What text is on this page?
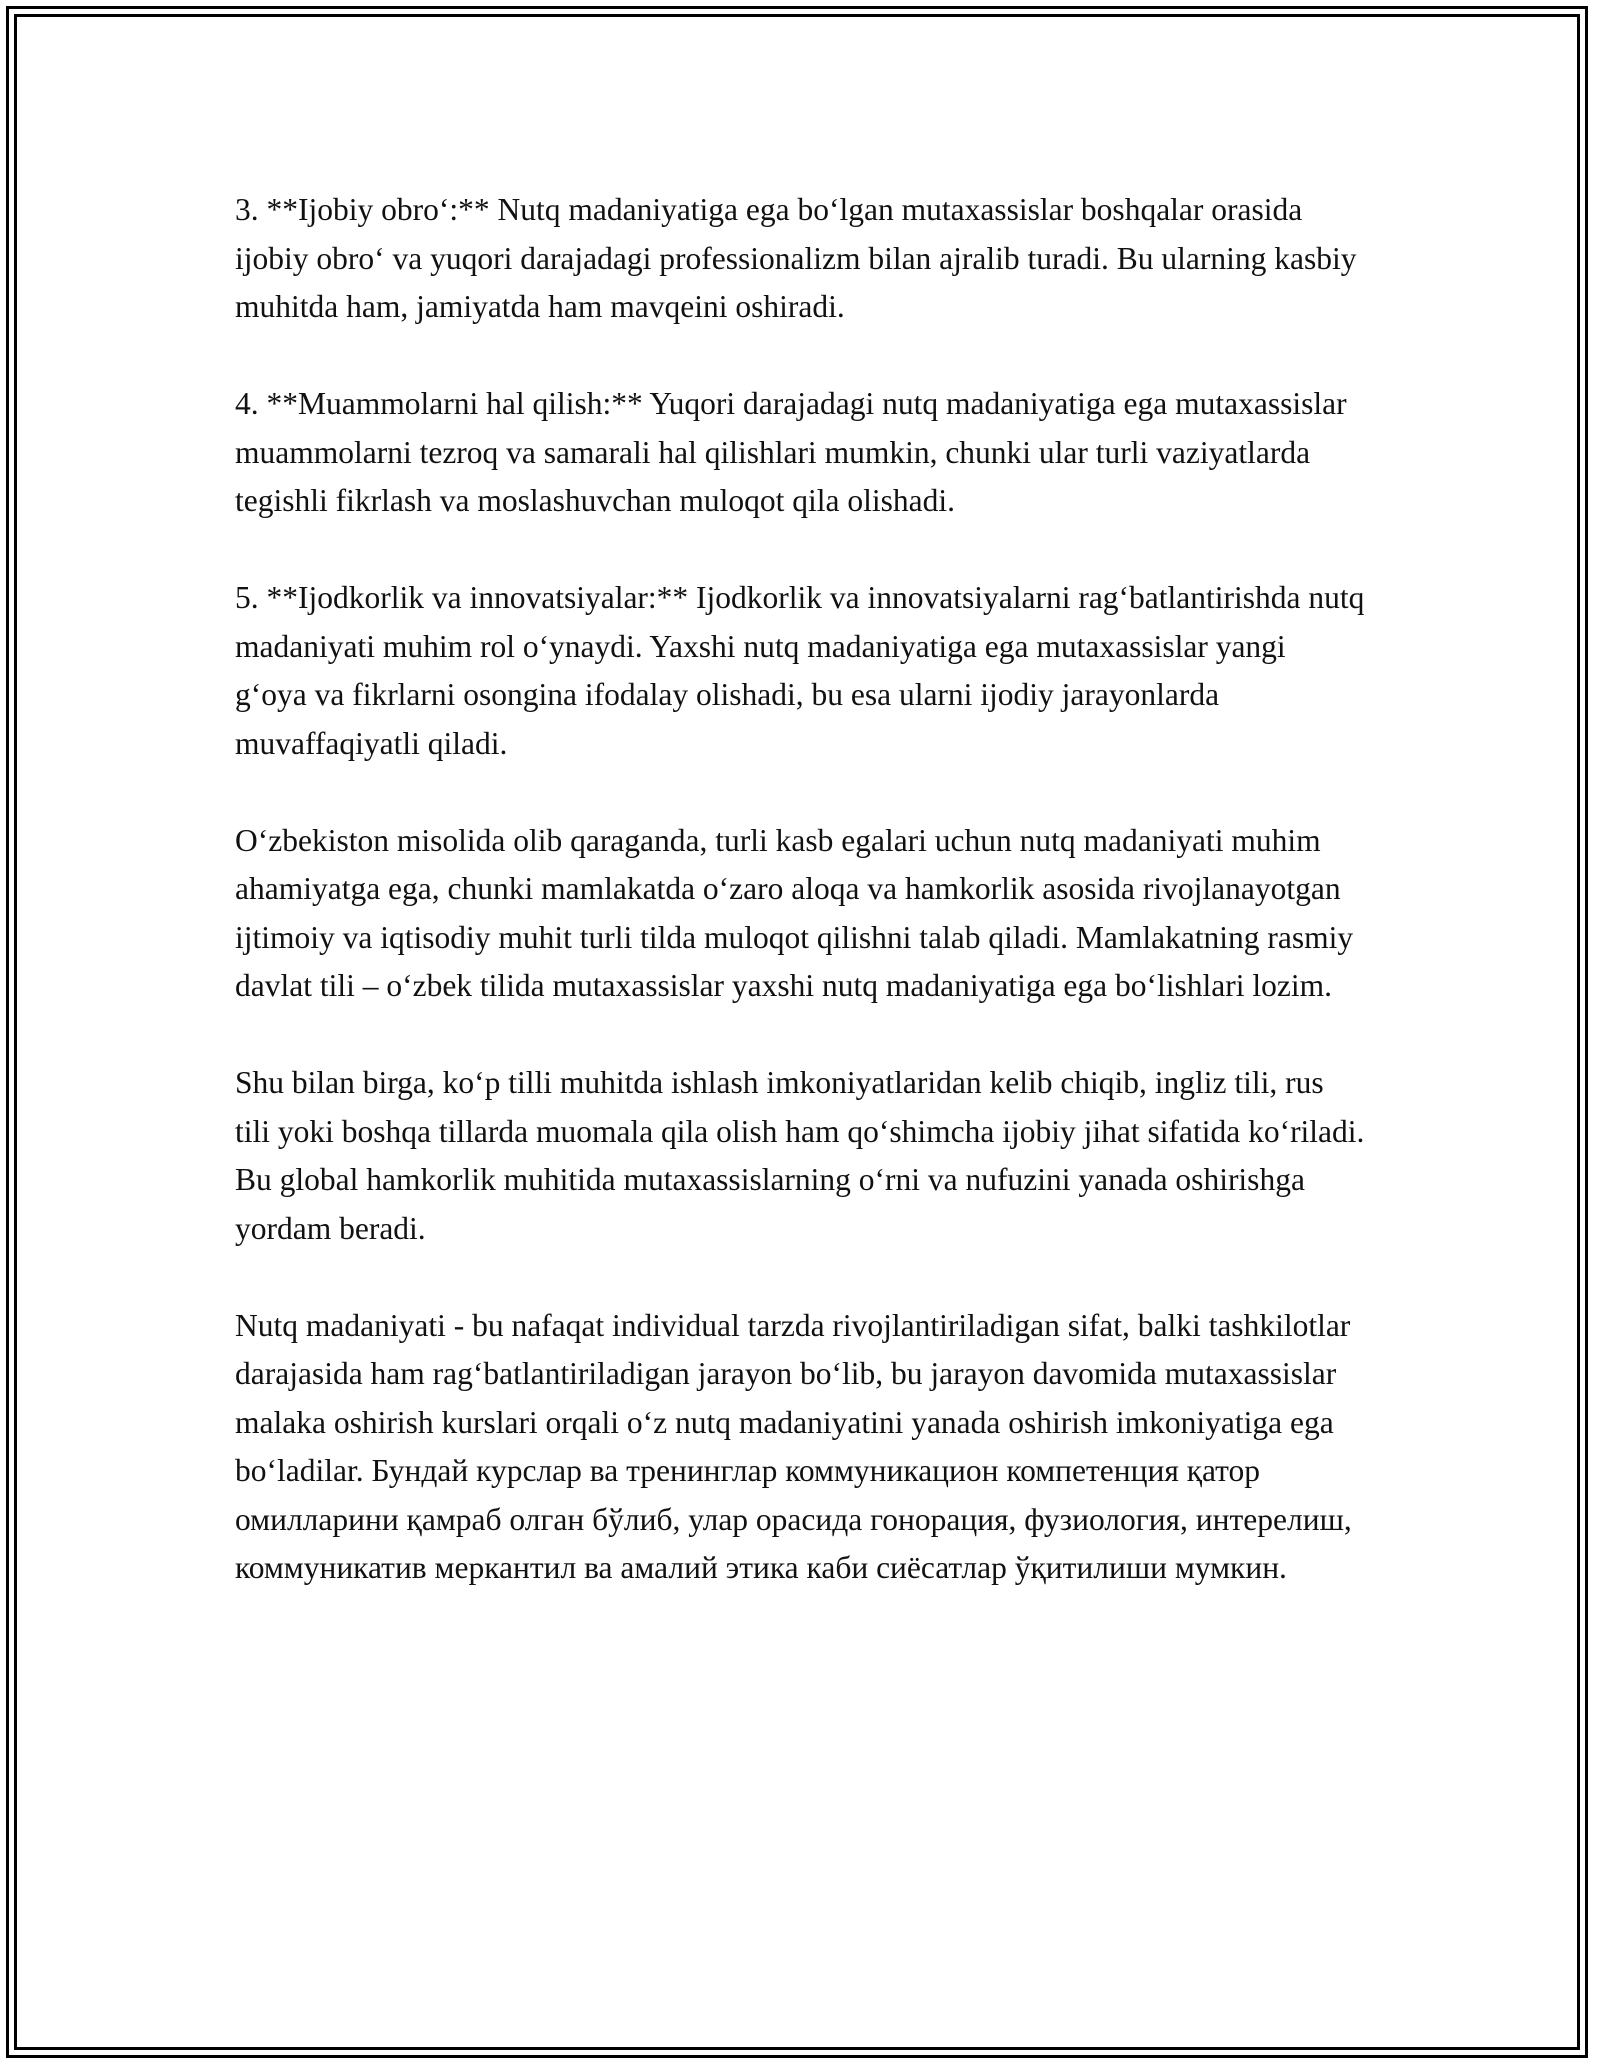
3. **Ijobiy obro‘:** Nutq madaniyatiga ega bo‘lgan mutaxassislar boshqalar orasida ijobiy obro‘ va yuqori darajadagi professionalizm bilan ajralib turadi. Bu ularning kasbiy muhitda ham, jamiyatda ham mavqeini oshiradi.

4. **Muammolarni hal qilish:** Yuqori darajadagi nutq madaniyatiga ega mutaxassislar muammolarni tezroq va samarali hal qilishlari mumkin, chunki ular turli vaziyatlarda tegishli fikrlash va moslashuvchan muloqot qila olishadi.

5. **Ijodkorlik va innovatsiyalar:** Ijodkorlik va innovatsiyalarni rag‘batlantirishda nutq madaniyati muhim rol o‘ynaydi. Yaxshi nutq madaniyatiga ega mutaxassislar yangi g‘oya va fikrlarni osongina ifodalay olishadi, bu esa ularni ijodiy jarayonlarda muvaffaqiyatli qiladi.

O‘zbekiston misolida olib qaraganda, turli kasb egalari uchun nutq madaniyati muhim ahamiyatga ega, chunki mamlakatda o‘zaro aloqa va hamkorlik asosida rivojlanayotgan ijtimoiy va iqtisodiy muhit turli tilda muloqot qilishni talab qiladi. Mamlakatning rasmiy davlat tili – o‘zbek tilida mutaxassislar yaxshi nutq madaniyatiga ega bo‘lishlari lozim.

Shu bilan birga, ko‘p tilli muhitda ishlash imkoniyatlaridan kelib chiqib, ingliz tili, rus tili yoki boshqa tillarda muomala qila olish ham qo‘shimcha ijobiy jihat sifatida ko‘riladi. Bu global hamkorlik muhitida mutaxassislarning o‘rni va nufuzini yanada oshirishga yordam beradi.

Nutq madaniyati - bu nafaqat individual tarzda rivojlantiriladigan sifat, balki tashkilotlar darajasida ham rag‘batlantiriladigan jarayon bo‘lib, bu jarayon davomida mutaxassislar malaka oshirish kurslari orqali o‘z nutq madaniyatini yanada oshirish imkoniyatiga ega bo‘ladilar. Бундай курслар ва тренинглар коммуникацион компетенция қатор омилларини қамраб олган бўлиб, улар орасида гонорация, фузиология, интерелиш, коммуникатив меркантил ва амалий этика каби сиёсатлар ўқитилиши мумкин.
